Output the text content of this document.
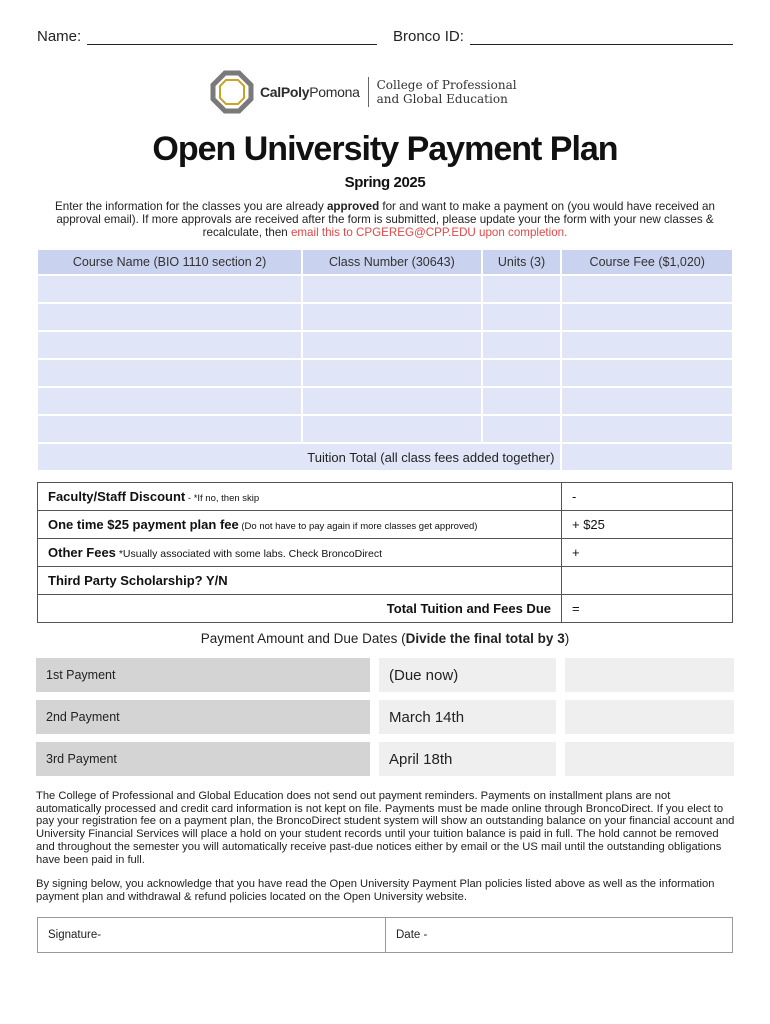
Name:	Bronco ID:
CalPolyPomona College of Professional
and Global Education
Open University Payment Plan
Spring 2025

Enter the information for the classes you are already approved for and want to make a payment on (you would have received an approval email). If more approvals are received after the form is submitted, please update your the form with your new classes & recalculate, then email this to CPGEREG@CPP.EDU upon completion.

Course Name (BIO 1110 section 2)	Class Number (30643)	Units (3)	Course Fee ($1,020)

Tuition Total (all class fees added together)			
Faculty/Staff Discount - *If no, then skip	-
One time $25 payment plan fee (Do not have to pay again if more classes get approved)	+ $25
Other Fees *Usually associated with some labs. Check BroncoDirect	+
Third Party Scholarship? Y/N	
Total Tuition and Fees Due	=
Payment Amount and Due Dates (Divide the final total by 3)
1st Payment	(Due now)
2nd Payment	March 14th
3rd Payment	April 18th

The College of Professional and Global Education does not send out payment reminders. Payments on installment plans are not automatically processed and credit card information is not kept on file. Payments must be made online through BroncoDirect. If you elect to pay your registration fee on a payment plan, the BroncoDirect student system will show an outstanding balance on your financial account and University Financial Services will place a hold on your student records until your tuition balance is paid in full. The hold cannot be removed and throughout the semester you will automatically receive past-due notices either by email or the US mail until the outstanding obligations have been paid in full.

By signing below, you acknowledge that you have read the Open University Payment Plan policies listed above as well as the information payment plan and withdrawal & refund policies located on the Open University website.

Signature-	Date -
